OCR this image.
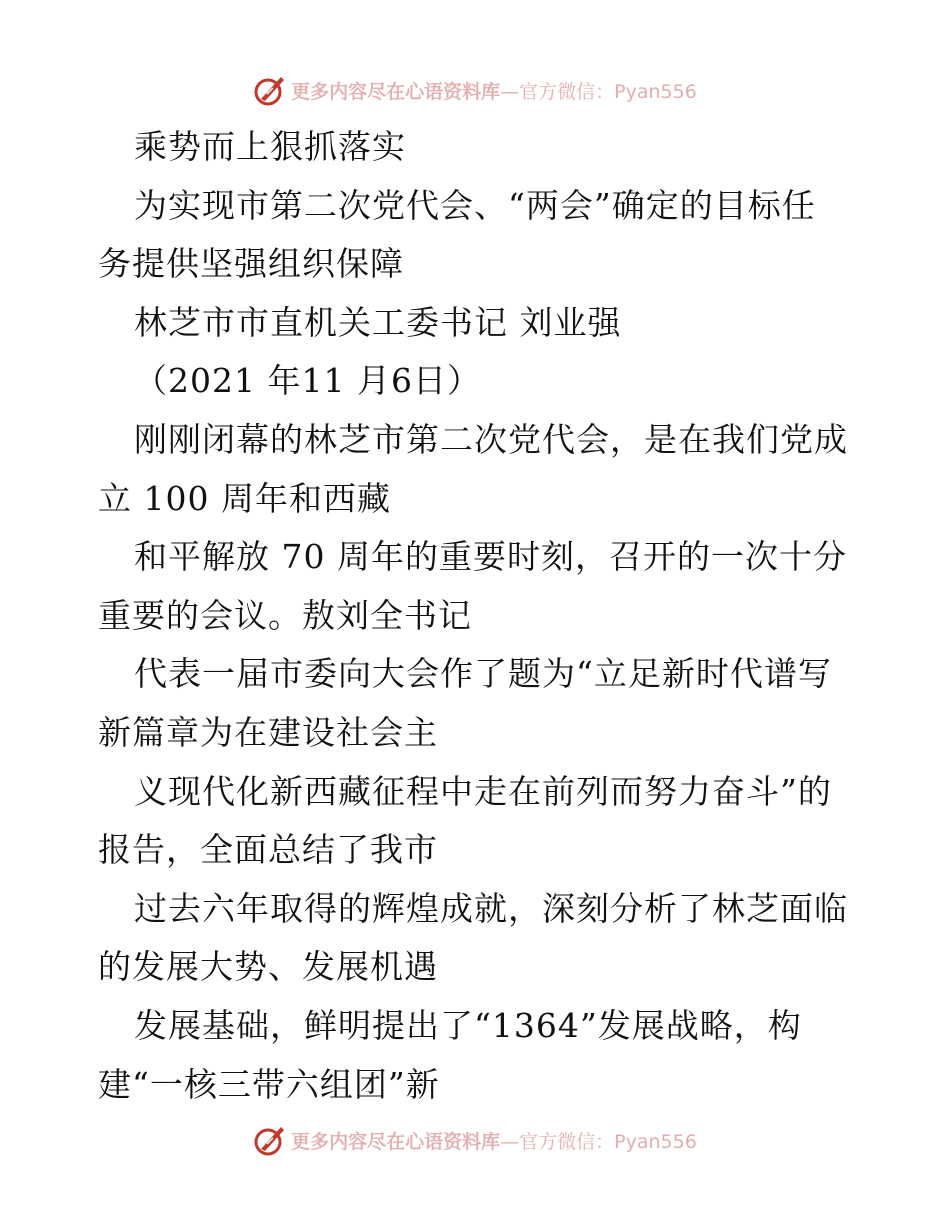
更多内容尽在心语资料库 —官方微信：Pyan556

乘势而上狠抓落实

为实现市第二次党代会、“两会”确定的目标任

务提供坚强组织保障

林芝市市直机关工委书记 刘业强

（2021 年11 月6日）

刚刚闭幕的林芝市第二次党代会，是在我们党成

立 100 周年和西藏

和平解放 70 周年的重要时刻，召开的一次十分

重要的会议。敖刘全书记

代表一届市委向大会作了题为“立足新时代谱写

新篇章为在建设社会主

义现代化新西藏征程中走在前列而努力奋斗”的

报告，全面总结了我市

过去六年取得的辉煌成就，深刻分析了林芝面临

的发展大势、发展机遇

发展基础，鲜明提出了“1364”发展战略，构

建“一核三带六组团”新

更多内容尽在心语资料库 —官方微信：Pyan556
